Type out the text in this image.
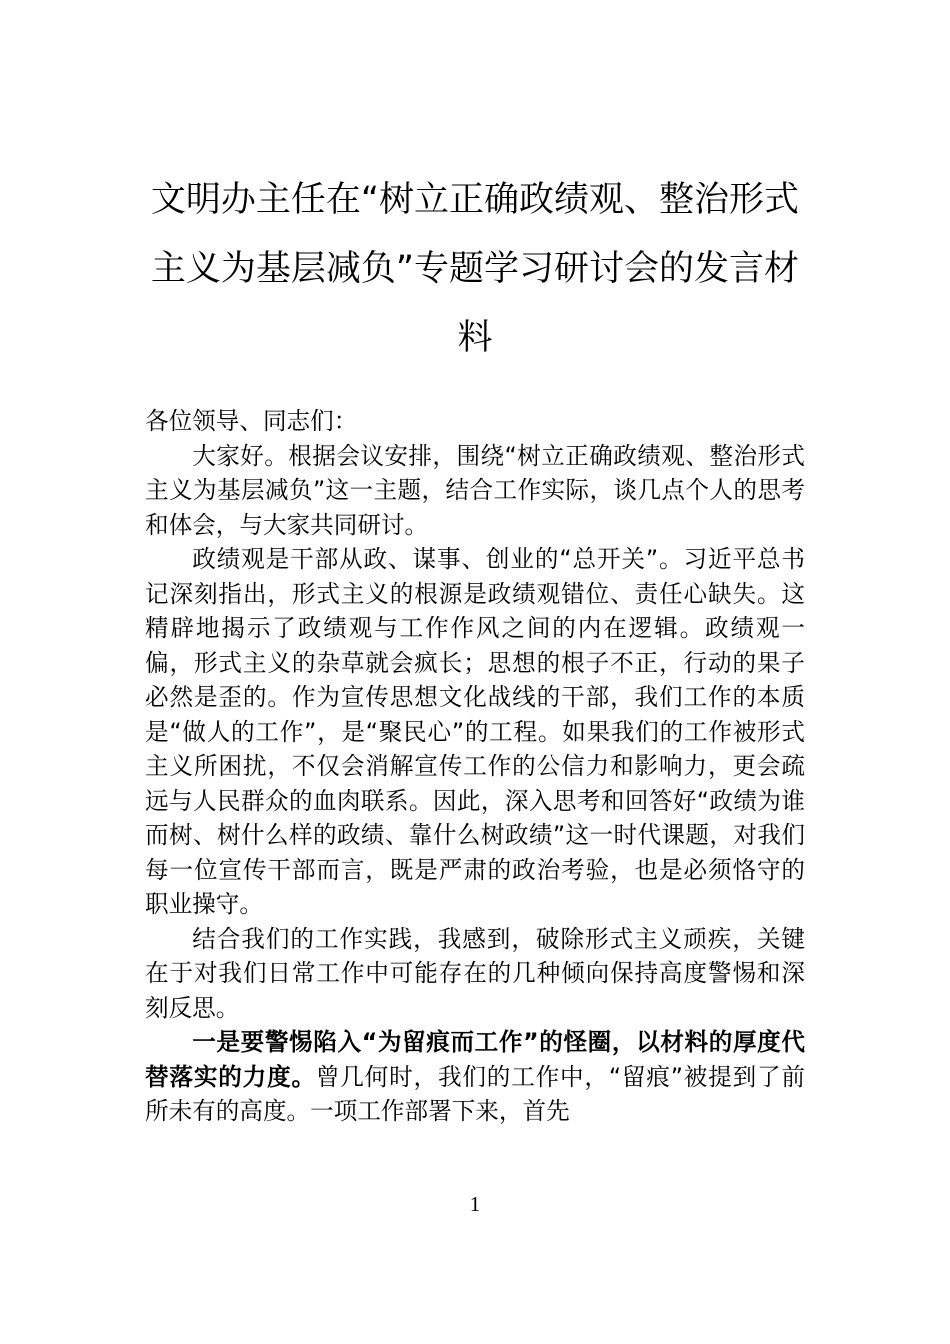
文明办主任在“树立正确政绩观、整治形式主义为基层减负”专题学习研讨会的发言材料

各位领导、同志们：

大家好。根据会议安排，围绕“树立正确政绩观、整治形式主义为基层减负”这一主题，结合工作实际，谈几点个人的思考和体会，与大家共同研讨。

政绩观是干部从政、谋事、创业的“总开关”。习近平总书记深刻指出，形式主义的根源是政绩观错位、责任心缺失。这精辟地揭示了政绩观与工作作风之间的内在逻辑。政绩观一偏，形式主义的杂草就会疯长；思想的根子不正，行动的果子必然是歪的。作为宣传思想文化战线的干部，我们工作的本质是“做人的工作”，是“聚民心”的工程。如果我们的工作被形式主义所困扰，不仅会消解宣传工作的公信力和影响力，更会疏远与人民群众的血肉联系。因此，深入思考和回答好“政绩为谁而树、树什么样的政绩、靠什么树政绩”这一时代课题，对我们每一位宣传干部而言，既是严肃的政治考验，也是必须恪守的职业操守。

结合我们的工作实践，我感到，破除形式主义顽疾，关键在于对我们日常工作中可能存在的几种倾向保持高度警惕和深刻反思。

一是要警惕陷入“为留痕而工作”的怪圈，以材料的厚度代替落实的力度。曾几何时，我们的工作中，“留痕”被提到了前所未有的高度。一项工作部署下来，首先

1
